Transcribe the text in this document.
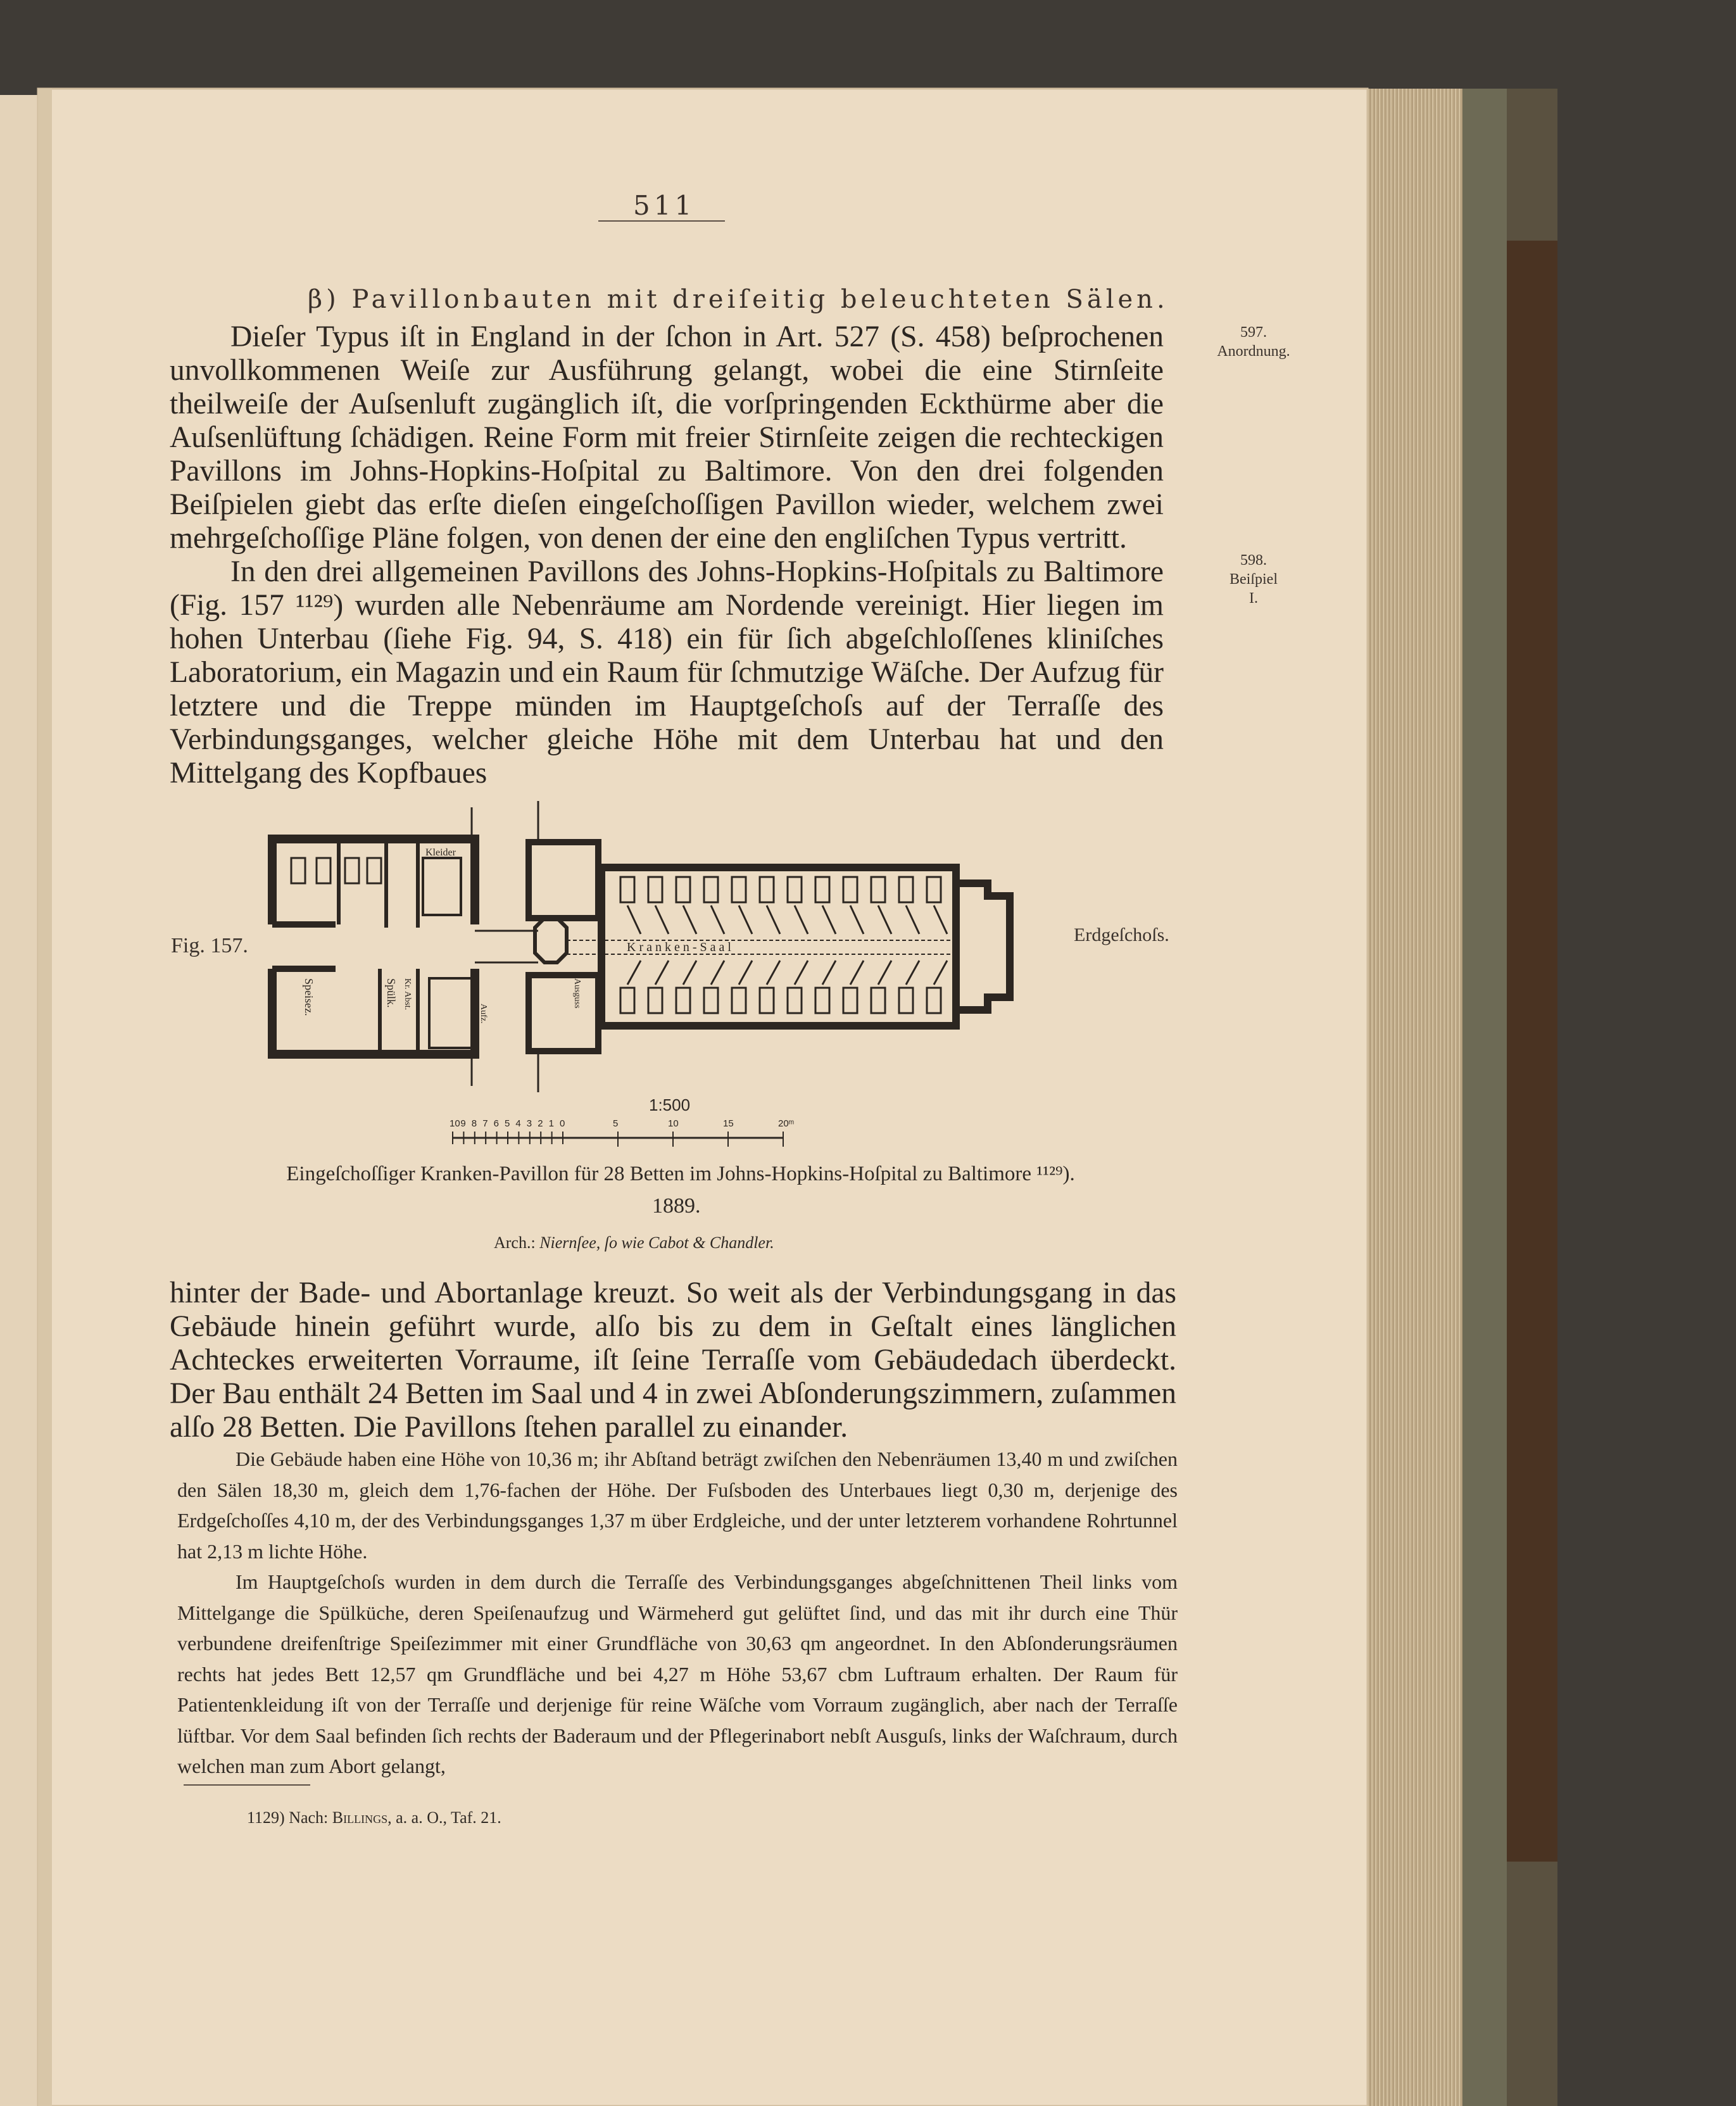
511
β) Pavillonbauten mit dreiſeitig beleuchteten Sälen.
597.
Anordnung.
598.
Beiſpiel
I.

Dieſer Typus iſt in England in der ſchon in Art. 527 (S. 458) beſprochenen unvollkommenen Weiſe zur Ausführung gelangt, wobei die eine Stirnſeite theilweiſe der Auſsenluft zugänglich iſt, die vorſpringenden Eckthürme aber die Auſsenlüftung ſchädigen. Reine Form mit freier Stirnſeite zeigen die rechteckigen Pavillons im Johns-Hopkins-Hoſpital zu Baltimore. Von den drei folgenden Beiſpielen giebt das erſte dieſen eingeſchoſſigen Pavillon wieder, welchem zwei mehrgeſchoſſige Pläne folgen, von denen der eine den engliſchen Typus vertritt.

In den drei allgemeinen Pavillons des Johns-Hopkins-Hoſpitals zu Baltimore (Fig. 157 ¹¹²⁹) wurden alle Nebenräume am Nordende vereinigt. Hier liegen im hohen Unterbau (ſiehe Fig. 94, S. 418) ein für ſich abgeſchloſſenes kliniſches Laboratorium, ein Magazin und ein Raum für ſchmutzige Wäſche. Der Aufzug für letztere und die Treppe münden im Hauptgeſchoſs auf der Terraſſe des Verbindungsganges, welcher gleiche Höhe mit dem Unterbau hat und den Mittelgang des Kopfbaues

Fig. 157.	Erdgeſchoſs.
Kleider
Speisez.	Spülk. Kr. Abst.
Aufz.
Ausguss
K r a n k e n - S a a l
1:500
10 9 8 7 6 5 4 3 2 1 0	5	10	15	20ᵐ
Eingeſchoſſiger Kranken-Pavillon für 28 Betten im Johns-Hopkins-Hoſpital zu Baltimore ¹¹²⁹).
1889.
Arch.: Niernſee, ſo wie Cabot & Chandler.

hinter der Bade- und Abortanlage kreuzt. So weit als der Verbindungsgang in das Gebäude hinein geführt wurde, alſo bis zu dem in Geſtalt eines länglichen Achteckes erweiterten Vorraume, iſt ſeine Terraſſe vom Gebäudedach überdeckt. Der Bau enthält 24 Betten im Saal und 4 in zwei Abſonderungszimmern, zuſammen alſo 28 Betten. Die Pavillons ſtehen parallel zu einander.

Die Gebäude haben eine Höhe von 10,36 m; ihr Abſtand beträgt zwiſchen den Nebenräumen 13,40 m und zwiſchen den Sälen 18,30 m, gleich dem 1,76-fachen der Höhe. Der Fuſsboden des Unterbaues liegt 0,30 m, derjenige des Erdgeſchoſſes 4,10 m, der des Verbindungsganges 1,37 m über Erdgleiche, und der unter letzterem vorhandene Rohrtunnel hat 2,13 m lichte Höhe.

Im Hauptgeſchoſs wurden in dem durch die Terraſſe des Verbindungsganges abgeſchnittenen Theil links vom Mittelgange die Spülküche, deren Speiſenaufzug und Wärmeherd gut gelüftet ſind, und das mit ihr durch eine Thür verbundene dreifenſtrige Speiſezimmer mit einer Grundfläche von 30,63 qm angeordnet. In den Abſonderungsräumen rechts hat jedes Bett 12,57 qm Grundfläche und bei 4,27 m Höhe 53,67 cbm Luftraum erhalten. Der Raum für Patientenkleidung iſt von der Terraſſe und derjenige für reine Wäſche vom Vorraum zugänglich, aber nach der Terraſſe lüftbar. Vor dem Saal befinden ſich rechts der Baderaum und der Pflegerinabort nebſt Ausguſs, links der Waſchraum, durch welchen man zum Abort gelangt,

1129) Nach: Billings, a. a. O., Taf. 21.
